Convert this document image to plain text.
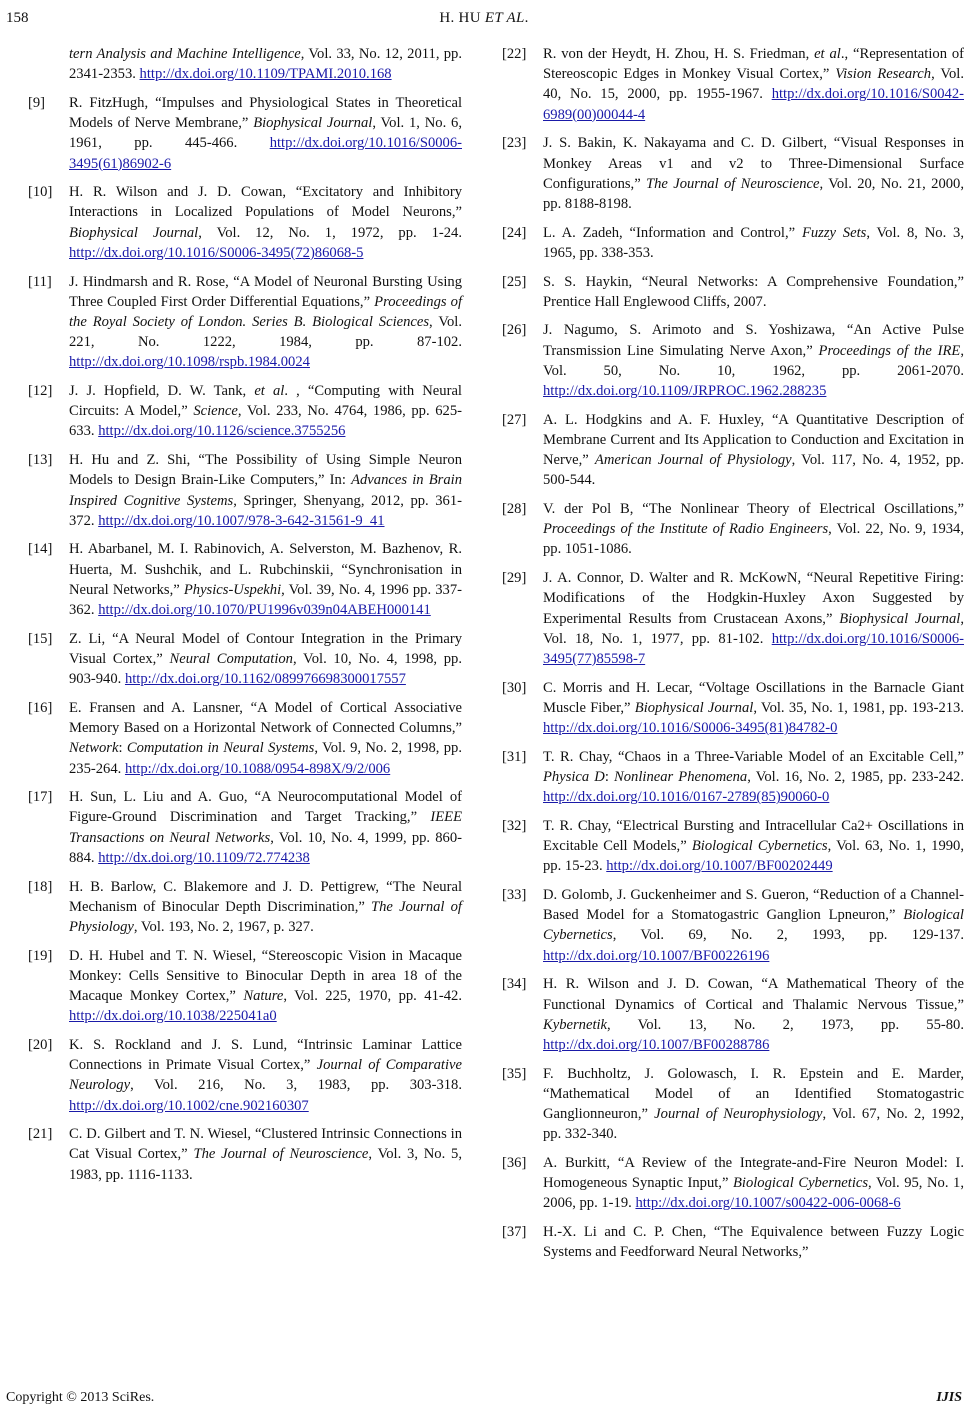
158	H. HU ET AL.
tern Analysis and Machine Intelligence, Vol. 33, No. 12, 2011, pp. 2341-2353. http://dx.doi.org/10.1109/TPAMI.2010.168
[9] R. FitzHugh, “Impulses and Physiological States in Theoretical Models of Nerve Membrane,” Biophysical Journal, Vol. 1, No. 6, 1961, pp. 445-466. http://dx.doi.org/10.1016/S0006-3495(61)86902-6
[10] H. R. Wilson and J. D. Cowan, “Excitatory and Inhibitory Interactions in Localized Populations of Model Neurons,” Biophysical Journal, Vol. 12, No. 1, 1972, pp. 1-24. http://dx.doi.org/10.1016/S0006-3495(72)86068-5
[11] J. Hindmarsh and R. Rose, “A Model of Neuronal Bursting Using Three Coupled First Order Differential Equations,” Proceedings of the Royal Society of London. Series B. Biological Sciences, Vol. 221, No. 1222, 1984, pp. 87-102. http://dx.doi.org/10.1098/rspb.1984.0024
[12] J. J. Hopfield, D. W. Tank, et al. , “Computing with Neural Circuits: A Model,” Science, Vol. 233, No. 4764, 1986, pp. 625-633. http://dx.doi.org/10.1126/science.3755256
[13] H. Hu and Z. Shi, “The Possibility of Using Simple Neuron Models to Design Brain-Like Computers,” In: Advances in Brain Inspired Cognitive Systems, Springer, Shenyang, 2012, pp. 361-372. http://dx.doi.org/10.1007/978-3-642-31561-9_41
[14] H. Abarbanel, M. I. Rabinovich, A. Selverston, M. Bazhenov, R. Huerta, M. Sushchik, and L. Rubchinskii, “Synchronisation in Neural Networks,” Physics-Uspekhi, Vol. 39, No. 4, 1996 pp. 337-362. http://dx.doi.org/10.1070/PU1996v039n04ABEH000141
[15] Z. Li, “A Neural Model of Contour Integration in the Primary Visual Cortex,” Neural Computation, Vol. 10, No. 4, 1998, pp. 903-940. http://dx.doi.org/10.1162/089976698300017557
[16] E. Fransen and A. Lansner, “A Model of Cortical Associative Memory Based on a Horizontal Network of Connected Columns,” Network: Computation in Neural Systems, Vol. 9, No. 2, 1998, pp. 235-264. http://dx.doi.org/10.1088/0954-898X/9/2/006
[17] H. Sun, L. Liu and A. Guo, “A Neurocomputational Model of Figure-Ground Discrimination and Target Tracking,” IEEE Transactions on Neural Networks, Vol. 10, No. 4, 1999, pp. 860-884. http://dx.doi.org/10.1109/72.774238
[18] H. B. Barlow, C. Blakemore and J. D. Pettigrew, “The Neural Mechanism of Binocular Depth Discrimination,” The Journal of Physiology, Vol. 193, No. 2, 1967, p. 327.
[19] D. H. Hubel and T. N. Wiesel, “Stereoscopic Vision in Macaque Monkey: Cells Sensitive to Binocular Depth in area 18 of the Macaque Monkey Cortex,” Nature, Vol. 225, 1970, pp. 41-42. http://dx.doi.org/10.1038/225041a0
[20] K. S. Rockland and J. S. Lund, “Intrinsic Laminar Lattice Connections in Primate Visual Cortex,” Journal of Comparative Neurology, Vol. 216, No. 3, 1983, pp. 303-318. http://dx.doi.org/10.1002/cne.902160307
[21] C. D. Gilbert and T. N. Wiesel, “Clustered Intrinsic Connections in Cat Visual Cortex,” The Journal of Neuroscience, Vol. 3, No. 5, 1983, pp. 1116-1133.
[22] R. von der Heydt, H. Zhou, H. S. Friedman, et al., “Representation of Stereoscopic Edges in Monkey Visual Cortex,” Vision Research, Vol. 40, No. 15, 2000, pp. 1955-1967. http://dx.doi.org/10.1016/S0042-6989(00)00044-4
[23] J. S. Bakin, K. Nakayama and C. D. Gilbert, “Visual Responses in Monkey Areas v1 and v2 to Three-Dimensional Surface Configurations,” The Journal of Neuroscience, Vol. 20, No. 21, 2000, pp. 8188-8198.
[24] L. A. Zadeh, “Information and Control,” Fuzzy Sets, Vol. 8, No. 3, 1965, pp. 338-353.
[25] S. S. Haykin, “Neural Networks: A Comprehensive Foundation,” Prentice Hall Englewood Cliffs, 2007.
[26] J. Nagumo, S. Arimoto and S. Yoshizawa, “An Active Pulse Transmission Line Simulating Nerve Axon,” Proceedings of the IRE, Vol. 50, No. 10, 1962, pp. 2061-2070. http://dx.doi.org/10.1109/JRPROC.1962.288235
[27] A. L. Hodgkins and A. F. Huxley, “A Quantitative Description of Membrane Current and Its Application to Conduction and Excitation in Nerve,” American Journal of Physiology, Vol. 117, No. 4, 1952, pp. 500-544.
[28] V. der Pol B, “The Nonlinear Theory of Electrical Oscillations,” Proceedings of the Institute of Radio Engineers, Vol. 22, No. 9, 1934, pp. 1051-1086.
[29] J. A. Connor, D. Walter and R. McKowN, “Neural Repetitive Firing: Modifications of the Hodgkin-Huxley Axon Suggested by Experimental Results from Crustacean Axons,” Biophysical Journal, Vol. 18, No. 1, 1977, pp. 81-102. http://dx.doi.org/10.1016/S0006-3495(77)85598-7
[30] C. Morris and H. Lecar, “Voltage Oscillations in the Barnacle Giant Muscle Fiber,” Biophysical Journal, Vol. 35, No. 1, 1981, pp. 193-213. http://dx.doi.org/10.1016/S0006-3495(81)84782-0
[31] T. R. Chay, “Chaos in a Three-Variable Model of an Excitable Cell,” Physica D: Nonlinear Phenomena, Vol. 16, No. 2, 1985, pp. 233-242. http://dx.doi.org/10.1016/0167-2789(85)90060-0
[32] T. R. Chay, “Electrical Bursting and Intracellular Ca2+ Oscillations in Excitable Cell Models,” Biological Cybernetics, Vol. 63, No. 1, 1990, pp. 15-23. http://dx.doi.org/10.1007/BF00202449
[33] D. Golomb, J. Guckenheimer and S. Gueron, “Reduction of a Channel-Based Model for a Stomatogastric Ganglion Lpneuron,” Biological Cybernetics, Vol. 69, No. 2, 1993, pp. 129-137. http://dx.doi.org/10.1007/BF00226196
[34] H. R. Wilson and J. D. Cowan, “A Mathematical Theory of the Functional Dynamics of Cortical and Thalamic Nervous Tissue,” Kybernetik, Vol. 13, No. 2, 1973, pp. 55-80. http://dx.doi.org/10.1007/BF00288786
[35] F. Buchholtz, J. Golowasch, I. R. Epstein and E. Marder, “Mathematical Model of an Identified Stomatogastric Ganglionneuron,” Journal of Neurophysiology, Vol. 67, No. 2, 1992, pp. 332-340.
[36] A. Burkitt, “A Review of the Integrate-and-Fire Neuron Model: I. Homogeneous Synaptic Input,” Biological Cybernetics, Vol. 95, No. 1, 2006, pp. 1-19. http://dx.doi.org/10.1007/s00422-006-0068-6
[37] H.-X. Li and C. P. Chen, “The Equivalence between Fuzzy Logic Systems and Feedforward Neural Networks,”
Copyright © 2013 SciRes.	IJIS
